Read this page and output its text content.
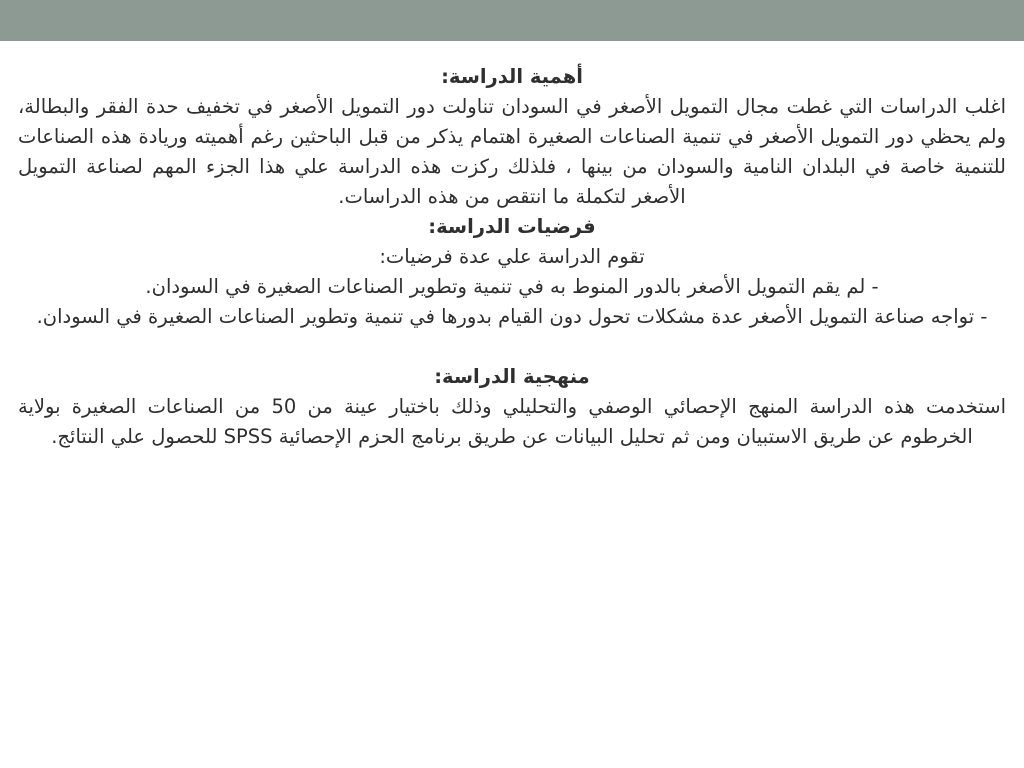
أهمية الدراسة:

اغلب الدراسات التي غطت مجال التمويل الأصغر في السودان تناولت دور التمويل الأصغر في تخفيف حدة الفقر والبطالة، ولم يحظي دور التمويل الأصغر في تنمية الصناعات الصغيرة اهتمام يذكر من قبل الباحثين رغم أهميته وريادة هذه الصناعات للتنمية خاصة في البلدان النامية والسودان من بينها ، فلذلك ركزت هذه الدراسة علي هذا الجزء المهم لصناعة التمويل الأصغر لتكملة ما انتقص من هذه الدراسات.

فرضيات الدراسة:

تقوم الدراسة علي عدة فرضيات:

- لم يقم التمويل الأصغر بالدور المنوط به في تنمية وتطوير الصناعات الصغيرة في السودان.

- تواجه صناعة التمويل الأصغر عدة مشكلات تحول دون القيام بدورها في تنمية وتطوير الصناعات الصغيرة في السودان.

منهجية الدراسة:

استخدمت هذه الدراسة المنهج الإحصائي الوصفي والتحليلي وذلك باختيار عينة من 50 من الصناعات الصغيرة بولاية الخرطوم عن طريق الاستبيان ومن ثم تحليل البيانات عن طريق برنامج الحزم الإحصائية SPSS للحصول علي النتائج.
